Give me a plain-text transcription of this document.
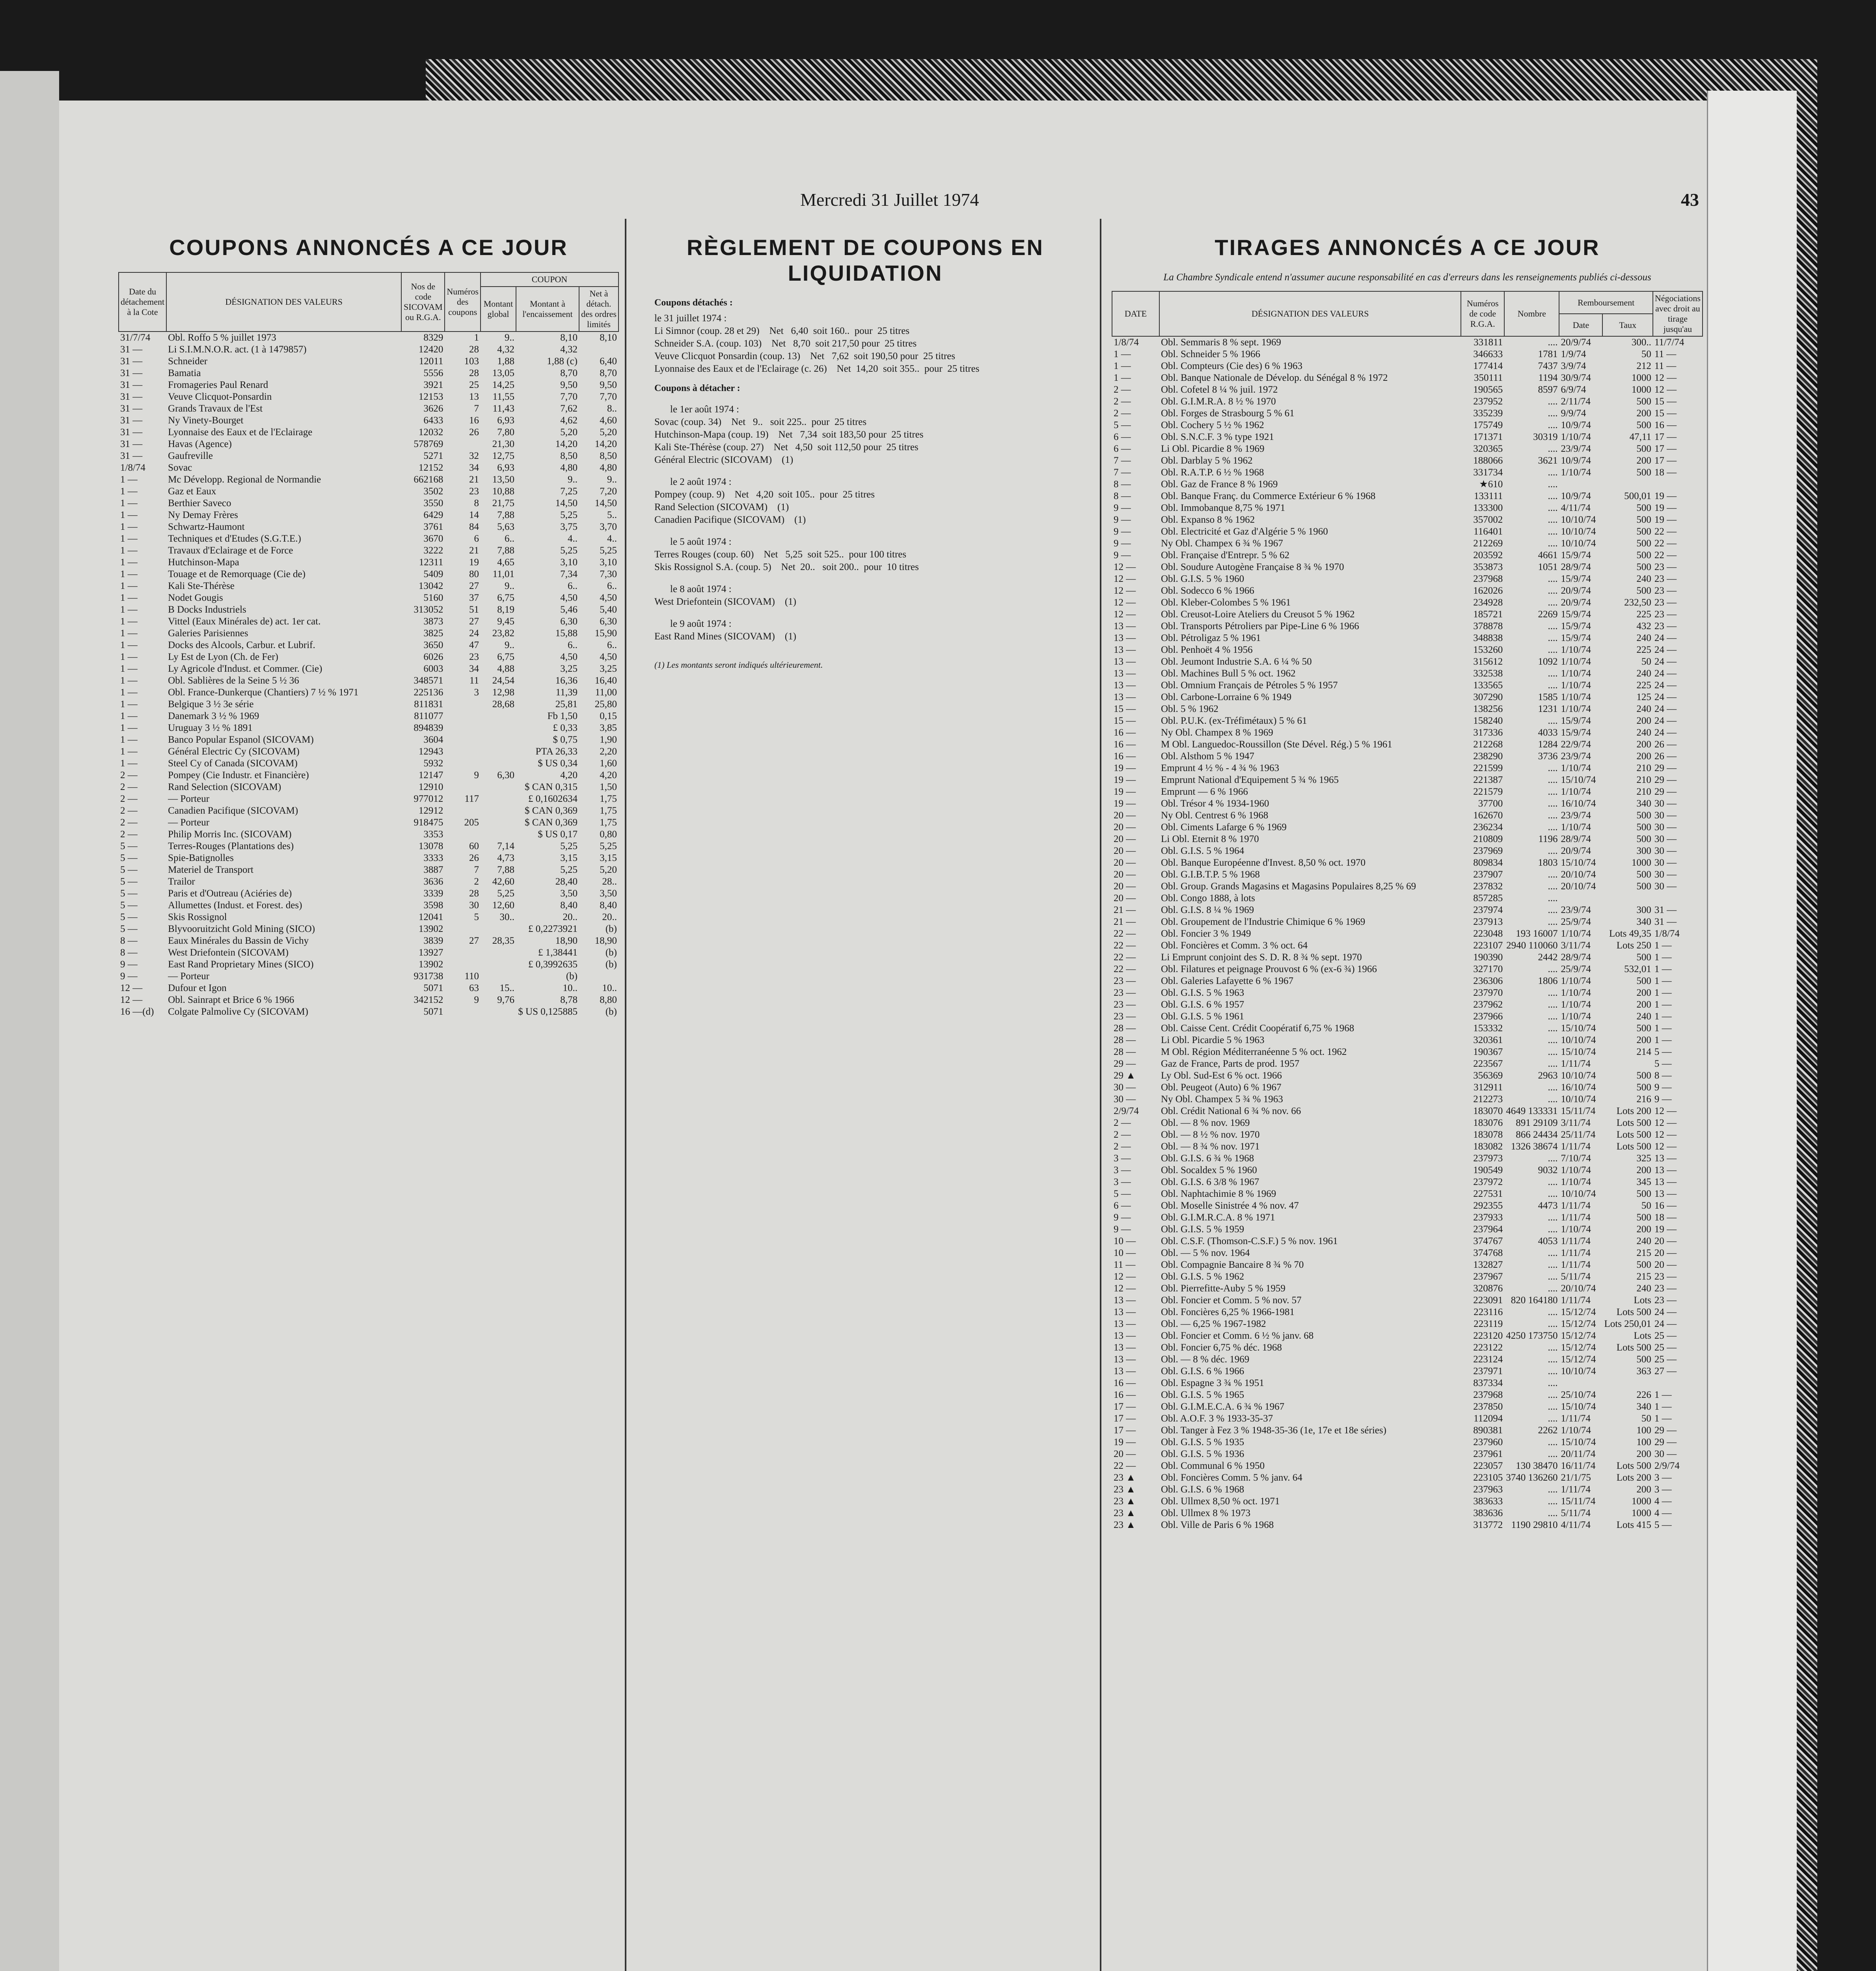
Mercredi 31 Juillet 1974	43
COUPONS ANNONCÉS A CE JOUR
Date du détachement à la Cote	DÉSIGNATION DES VALEURS	Nos de code SICOVAM ou R.G.A.	Numéros des coupons	COUPON		
				Montant global	Montant à l'encaissement	Net à détach. des ordres limités
31/7/74	Obl. Roffo 5 % juillet 1973	8329	1	9..	8,10	8,10
31 —	Li S.I.M.N.O.R. act. (1 à 1479857)	12420	28	4,32	4,32	
31 —	Schneider	12011	103	1,88	1,88 (c)	6,40
31 —	Bamatia	5556	28	13,05	8,70	8,70
31 —	Fromageries Paul Renard	3921	25	14,25	9,50	9,50
31 —	Veuve Clicquot-Ponsardin	12153	13	11,55	7,70	7,70
31 —	Grands Travaux de l'Est	3626	7	11,43	7,62	8..
31 —	Ny Vinety-Bourget	6433	16	6,93	4,62	4,60
31 —	Lyonnaise des Eaux et de l'Eclairage	12032	26	7,80	5,20	5,20
31 —	Havas (Agence)	578769		21,30	14,20	14,20
31 —	Gaufreville	5271	32	12,75	8,50	8,50
1/8/74	Sovac	12152	34	6,93	4,80	4,80
1 —	Mc Développ. Regional de Normandie	662168	21	13,50	9..	9..
1 —	Gaz et Eaux	3502	23	10,88	7,25	7,20
1 —	Berthier Saveco	3550	8	21,75	14,50	14,50
1 —	Ny Demay Frères	6429	14	7,88	5,25	5..
1 —	Schwartz-Haumont	3761	84	5,63	3,75	3,70
1 —	Techniques et d'Etudes (S.G.T.E.)	3670	6	6..	4..	4..
1 —	Travaux d'Eclairage et de Force	3222	21	7,88	5,25	5,25
1 —	Hutchinson-Mapa	12311	19	4,65	3,10	3,10
1 —	Touage et de Remorquage (Cie de)	5409	80	11,01	7,34	7,30
1 —	Kali Ste-Thérèse	13042	27	9..	6..	6..
1 —	Nodet Gougis	5160	37	6,75	4,50	4,50
1 —	B Docks Industriels	313052	51	8,19	5,46	5,40
1 —	Vittel (Eaux Minérales de) act. 1er cat.	3873	27	9,45	6,30	6,30
1 —	Galeries Parisiennes	3825	24	23,82	15,88	15,90
1 —	Docks des Alcools, Carbur. et Lubrif.	3650	47	9..	6..	6..
1 —	Ly Est de Lyon (Ch. de Fer)	6026	23	6,75	4,50	4,50
1 —	Ly Agricole d'Indust. et Commer. (Cie)	6003	34	4,88	3,25	3,25
1 —	Obl. Sablières de la Seine 5 ½ 36	348571	11	24,54	16,36	16,40
1 —	Obl. France-Dunkerque (Chantiers) 7 ½ % 1971	225136	3	12,98	11,39	11,00
1 —	Belgique 3 ½ 3e série	811831		28,68	25,81	25,80
1 —	Danemark 3 ½ % 1969	811077			Fb 1,50	0,15
1 —	Uruguay 3 ½ % 1891	894839			£ 0,33	3,85
1 —	Banco Popular Espanol (SICOVAM)	3604			$ 0,75	1,90
1 —	Général Electric Cy (SICOVAM)	12943			PTA 26,33	2,20
1 —	Steel Cy of Canada (SICOVAM)	5932			$ US 0,34	1,60
2 —	Pompey (Cie Industr. et Financière)	12147	9	6,30	4,20	4,20
2 —	Rand Selection (SICOVAM)	12910			$ CAN 0,315	1,50
2 —	— Porteur	977012	117		£ 0,1602634	1,75
2 —	Canadien Pacifique (SICOVAM)	12912			$ CAN 0,369	1,75
2 —	— Porteur	918475	205		$ CAN 0,369	1,75
2 —	Philip Morris Inc. (SICOVAM)	3353			$ US 0,17	0,80
5 —	Terres-Rouges (Plantations des)	13078	60	7,14	5,25	5,25
5 —	Spie-Batignolles	3333	26	4,73	3,15	3,15
5 —	Materiel de Transport	3887	7	7,88	5,25	5,20
5 —	Trailor	3636	2	42,60	28,40	28..
5 —	Paris et d'Outreau (Aciéries de)	3339	28	5,25	3,50	3,50
5 —	Allumettes (Indust. et Forest. des)	3598	30	12,60	8,40	8,40
5 —	Skis Rossignol	12041	5	30..	20..	20..
5 —	Blyvooruitzicht Gold Mining (SICO)	13902			£ 0,2273921	(b)
8 —	Eaux Minérales du Bassin de Vichy	3839	27	28,35	18,90	18,90
8 —	West Driefontein (SICOVAM)	13927			£ 1,38441	(b)
9 —	East Rand Proprietary Mines (SICO)	13902			£ 0,3992635	(b)
9 —	— Porteur	931738	110		(b)	
12 —	Dufour et Igon	5071	63	15..	10..	10..
12 —	Obl. Sainrapt et Brice 6 % 1966	342152	9	9,76	8,78	8,80
16 —(d)	Colgate Palmolive Cy (SICOVAM)	5071			$ US 0,125885	(b)
RÈGLEMENT DE COUPONS EN LIQUIDATION
Coupons détachés :
le 31 juillet 1974 :
Li Simnor (coup. 28 et 29)    Net   6,40  soit 160..  pour  25 titres
Schneider S.A. (coup. 103)    Net   8,70  soit 217,50 pour  25 titres
Veuve Clicquot Ponsardin (coup. 13)    Net   7,62  soit 190,50 pour  25 titres
Lyonnaise des Eaux et de l'Eclairage (c. 26)    Net  14,20  soit 355..  pour  25 titres
Coupons à détacher :
le 1er août 1974 :
Sovac (coup. 34)    Net   9..   soit 225..  pour  25 titres
Hutchinson-Mapa (coup. 19)    Net   7,34  soit 183,50 pour  25 titres
Kali Ste-Thérèse (coup. 27)    Net   4,50  soit 112,50 pour  25 titres
Général Electric (SICOVAM)    (1)
le 2 août 1974 :
Pompey (coup. 9)    Net   4,20  soit 105..  pour  25 titres
Rand Selection (SICOVAM)    (1)
Canadien Pacifique (SICOVAM)    (1)
le 5 août 1974 :
Terres Rouges (coup. 60)    Net   5,25  soit 525..  pour 100 titres
Skis Rossignol S.A. (coup. 5)    Net  20..   soit 200..  pour  10 titres
le 8 août 1974 :
West Driefontein (SICOVAM)    (1)
le 9 août 1974 :
East Rand Mines (SICOVAM)    (1)
(1) Les montants seront indiqués ultérieurement.
TIRAGES ANNONCÉS A CE JOUR
La Chambre Syndicale entend n'assumer aucune responsabilité en cas d'erreurs dans les renseignements publiés ci-dessous
DATE	DÉSIGNATION DES VALEURS	Numéros de code R.G.A.	Nombre	Remboursement		Négociations avec droit au tirage jusqu'au
				Date	Taux	
1/8/74	Obl. Semmaris 8 % sept. 1969	331811	....	20/9/74	300..	11/7/74
1 —	Obl. Schneider 5 % 1966	346633	1781	1/9/74	50	11 —
1 —	Obl. Compteurs (Cie des) 6 % 1963	177414	7437	3/9/74	212	11 —
1 —	Obl. Banque Nationale de Dévelop. du Sénégal 8 % 1972	350111	1194	30/9/74	1000	12 —
2 —	Obl. Cofetel 8 ¼ % juil. 1972	190565	8597	6/9/74	1000	12 —
2 —	Obl. G.I.M.R.A. 8 ½ % 1970	237952	....	2/11/74	500	15 —
2 —	Obl. Forges de Strasbourg 5 % 61	335239	....	9/9/74	200	15 —
5 —	Obl. Cochery 5 ½ % 1962	175749	....	10/9/74	500	16 —
6 —	Obl. S.N.C.F. 3 % type 1921	171371	30319	1/10/74	47,11	17 —
6 —	Li Obl. Picardie 8 % 1969	320365	....	23/9/74	500	17 —
7 —	Obl. Darblay 5 % 1962	188066	3621	10/9/74	200	17 —
7 —	Obl. R.A.T.P. 6 ½ % 1968	331734	....	1/10/74	500	18 —
8 —	Obl. Gaz de France 8 % 1969	★610	....			
8 —	Obl. Banque Franç. du Commerce Extérieur 6 % 1968	133111	....	10/9/74	500,01	19 —
9 —	Obl. Immobanque 8,75 % 1971	133300	....	4/11/74	500	19 —
9 —	Obl. Expanso 8 % 1962	357002	....	10/10/74	500	19 —
9 —	Obl. Electricité et Gaz d'Algérie 5 % 1960	116401	....	10/10/74	500	22 —
9 —	Ny Obl. Champex 6 ¾ % 1967	212269	....	10/10/74	500	22 —
9 —	Obl. Française d'Entrepr. 5 % 62	203592	4661	15/9/74	500	22 —
12 —	Obl. Soudure Autogène Française 8 ¾ % 1970	353873	1051	28/9/74	500	23 —
12 —	Obl. G.I.S. 5 % 1960	237968	....	15/9/74	240	23 —
12 —	Obl. Sodecco 6 % 1966	162026	....	20/9/74	500	23 —
12 —	Obl. Kleber-Colombes 5 % 1961	234928	....	20/9/74	232,50	23 —
12 —	Obl. Creusot-Loire Ateliers du Creusot 5 % 1962	185721	2269	15/9/74	225	23 —
13 —	Obl. Transports Pétroliers par Pipe-Line 6 % 1966	378878	....	15/9/74	432	23 —
13 —	Obl. Pétroligaz 5 % 1961	348838	....	15/9/74	240	24 —
13 —	Obl. Penhoët 4 % 1956	153260	....	1/10/74	225	24 —
13 —	Obl. Jeumont Industrie S.A. 6 ¼ % 50	315612	1092	1/10/74	50	24 —
13 —	Obl. Machines Bull 5 % oct. 1962	332538	....	1/10/74	240	24 —
13 —	Obl. Omnium Français de Pétroles 5 % 1957	133565	....	1/10/74	225	24 —
13 —	Obl. Carbone-Lorraine 6 % 1949	307290	1585	1/10/74	125	24 —
15 —	Obl. 5 % 1962	138256	1231	1/10/74	240	24 —
15 —	Obl. P.U.K. (ex-Tréfimétaux) 5 % 61	158240	....	15/9/74	200	24 —
16 —	Ny Obl. Champex 8 % 1969	317336	4033	15/9/74	240	24 —
16 —	M Obl. Languedoc-Roussillon (Ste Dével. Rég.) 5 % 1961	212268	1284	22/9/74	200	26 —
16 —	Obl. Alsthom 5 % 1947	238290	3736	23/9/74	200	26 —
19 —	Emprunt 4 ½ % - 4 ¾ % 1963	221599	....	1/10/74	210	29 —
19 —	Emprunt National d'Equipement 5 ¾ % 1965	221387	....	15/10/74	210	29 —
19 —	Emprunt — 6 % 1966	221579	....	1/10/74	210	29 —
19 —	Obl. Trésor 4 % 1934-1960	37700	....	16/10/74	340	30 —
20 —	Ny Obl. Centrest 6 % 1968	162670	....	23/9/74	500	30 —
20 —	Obl. Ciments Lafarge 6 % 1969	236234	....	1/10/74	500	30 —
20 —	Li Obl. Eternit 8 % 1970	210809	1196	28/9/74	500	30 —
20 —	Obl. G.I.S. 5 % 1964	237969	....	20/9/74	300	30 —
20 —	Obl. Banque Européenne d'Invest. 8,50 % oct. 1970	809834	1803	15/10/74	1000	30 —
20 —	Obl. G.I.B.T.P. 5 % 1968	237907	....	20/10/74	500	30 —
20 —	Obl. Group. Grands Magasins et Magasins Populaires 8,25 % 69	237832	....	20/10/74	500	30 —
20 —	Obl. Congo 1888, à lots	857285	....			
21 —	Obl. G.I.S. 8 ¼ % 1969	237974	....	23/9/74	300	31 —
21 —	Obl. Groupement de l'Industrie Chimique 6 % 1969	237913	....	25/9/74	340	31 —
22 —	Obl. Foncier 3 % 1949	223048	193 16007	1/10/74	Lots 49,35	1/8/74
22 —	Obl. Foncières et Comm. 3 % oct. 64	223107	2940 110060	3/11/74	Lots 250	1 —
22 —	Li Emprunt conjoint des S. D. R. 8 ¾ % sept. 1970	190390	2442	28/9/74	500	1 —
22 —	Obl. Filatures et peignage Prouvost 6 % (ex-6 ¾) 1966	327170	....	25/9/74	532,01	1 —
23 —	Obl. Galeries Lafayette 6 % 1967	236306	1806	1/10/74	500	1 —
23 —	Obl. G.I.S. 5 % 1963	237970	....	1/10/74	200	1 —
23 —	Obl. G.I.S. 6 % 1957	237962	....	1/10/74	200	1 —
23 —	Obl. G.I.S. 5 % 1961	237966	....	1/10/74	240	1 —
28 —	Obl. Caisse Cent. Crédit Coopératif 6,75 % 1968	153332	....	15/10/74	500	1 —
28 —	Li Obl. Picardie 5 % 1963	320361	....	10/10/74	200	1 —
28 —	M Obl. Région Méditerranéenne 5 % oct. 1962	190367	....	15/10/74	214	5 —
29 —	Gaz de France, Parts de prod. 1957	223567	....	1/11/74		5 —
29 ▲	Ly Obl. Sud-Est 6 % oct. 1966	356369	2963	10/10/74	500	8 —
30 —	Obl. Peugeot (Auto) 6 % 1967	312911	....	16/10/74	500	9 —
30 —	Ny Obl. Champex 5 ¾ % 1963	212273	....	10/10/74	216	9 —
2/9/74	Obl. Crédit National 6 ¾ % nov. 66	183070	4649 133331	15/11/74	Lots 200	12 —
2 —	Obl. — 8 % nov. 1969	183076	891 29109	3/11/74	Lots 500	12 —
2 —	Obl. — 8 ½ % nov. 1970	183078	866 24434	25/11/74	Lots 500	12 —
2 —	Obl. — 8 ¾ % nov. 1971	183082	1326 38674	1/11/74	Lots 500	12 —
3 —	Obl. G.I.S. 6 ¾ % 1968	237973	....	7/10/74	325	13 —
3 —	Obl. Socaldex 5 % 1960	190549	9032	1/10/74	200	13 —
3 —	Obl. G.I.S. 6 3/8 % 1967	237972	....	1/10/74	345	13 —
5 —	Obl. Naphtachimie 8 % 1969	227531	....	10/10/74	500	13 —
6 —	Obl. Moselle Sinistrée 4 % nov. 47	292355	4473	1/11/74	50	16 —
9 —	Obl. G.I.M.R.C.A. 8 % 1971	237933	....	1/11/74	500	18 —
9 —	Obl. G.I.S. 5 % 1959	237964	....	1/10/74	200	19 —
10 —	Obl. C.S.F. (Thomson-C.S.F.) 5 % nov. 1961	374767	4053	1/11/74	240	20 —
10 —	Obl. — 5 % nov. 1964	374768	....	1/11/74	215	20 —
11 —	Obl. Compagnie Bancaire 8 ¾ % 70	132827	....	1/11/74	500	20 —
12 —	Obl. G.I.S. 5 % 1962	237967	....	5/11/74	215	23 —
12 —	Obl. Pierrefitte-Auby 5 % 1959	320876	....	20/10/74	240	23 —
13 —	Obl. Foncier et Comm. 5 % nov. 57	223091	820 164180	1/11/74	Lots	23 —
13 —	Obl. Foncières 6,25 % 1966-1981	223116	....	15/12/74	Lots 500	24 —
13 —	Obl. — 6,25 % 1967-1982	223119	....	15/12/74	Lots 250,01	24 —
13 —	Obl. Foncier et Comm. 6 ½ % janv. 68	223120	4250 173750	15/12/74	Lots	25 —
13 —	Obl. Foncier 6,75 % déc. 1968	223122	....	15/12/74	Lots 500	25 —
13 —	Obl. — 8 % déc. 1969	223124	....	15/12/74	500	25 —
13 —	Obl. G.I.S. 6 % 1966	237971	....	10/10/74	363	27 —
16 —	Obl. Espagne 3 ¾ % 1951	837334	....			
16 —	Obl. G.I.S. 5 % 1965	237968	....	25/10/74	226	1 —
17 —	Obl. G.I.M.E.C.A. 6 ¾ % 1967	237850	....	15/10/74	340	1 —
17 —	Obl. A.O.F. 3 % 1933-35-37	112094	....	1/11/74	50	1 —
17 —	Obl. Tanger à Fez 3 % 1948-35-36 (1e, 17e et 18e séries)	890381	2262	1/10/74	100	29 —
19 —	Obl. G.I.S. 5 % 1935	237960	....	15/10/74	100	29 —
20 —	Obl. G.I.S. 5 % 1936	237961	....	20/11/74	200	30 —
22 —	Obl. Communal 6 % 1950	223057	130 38470	16/11/74	Lots 500	2/9/74
23 ▲	Obl. Foncières Comm. 5 % janv. 64	223105	3740 136260	21/1/75	Lots 200	3 —
23 ▲	Obl. G.I.S. 6 % 1968	237963	....	1/11/74	200	3 —
23 ▲	Obl. Ullmex 8,50 % oct. 1971	383633	....	15/11/74	1000	4 —
23 ▲	Obl. Ullmex 8 % 1973	383636	....	5/11/74	1000	4 —
23 ▲	Obl. Ville de Paris 6 % 1968	313772	1190 29810	4/11/74	Lots 415	5 —
